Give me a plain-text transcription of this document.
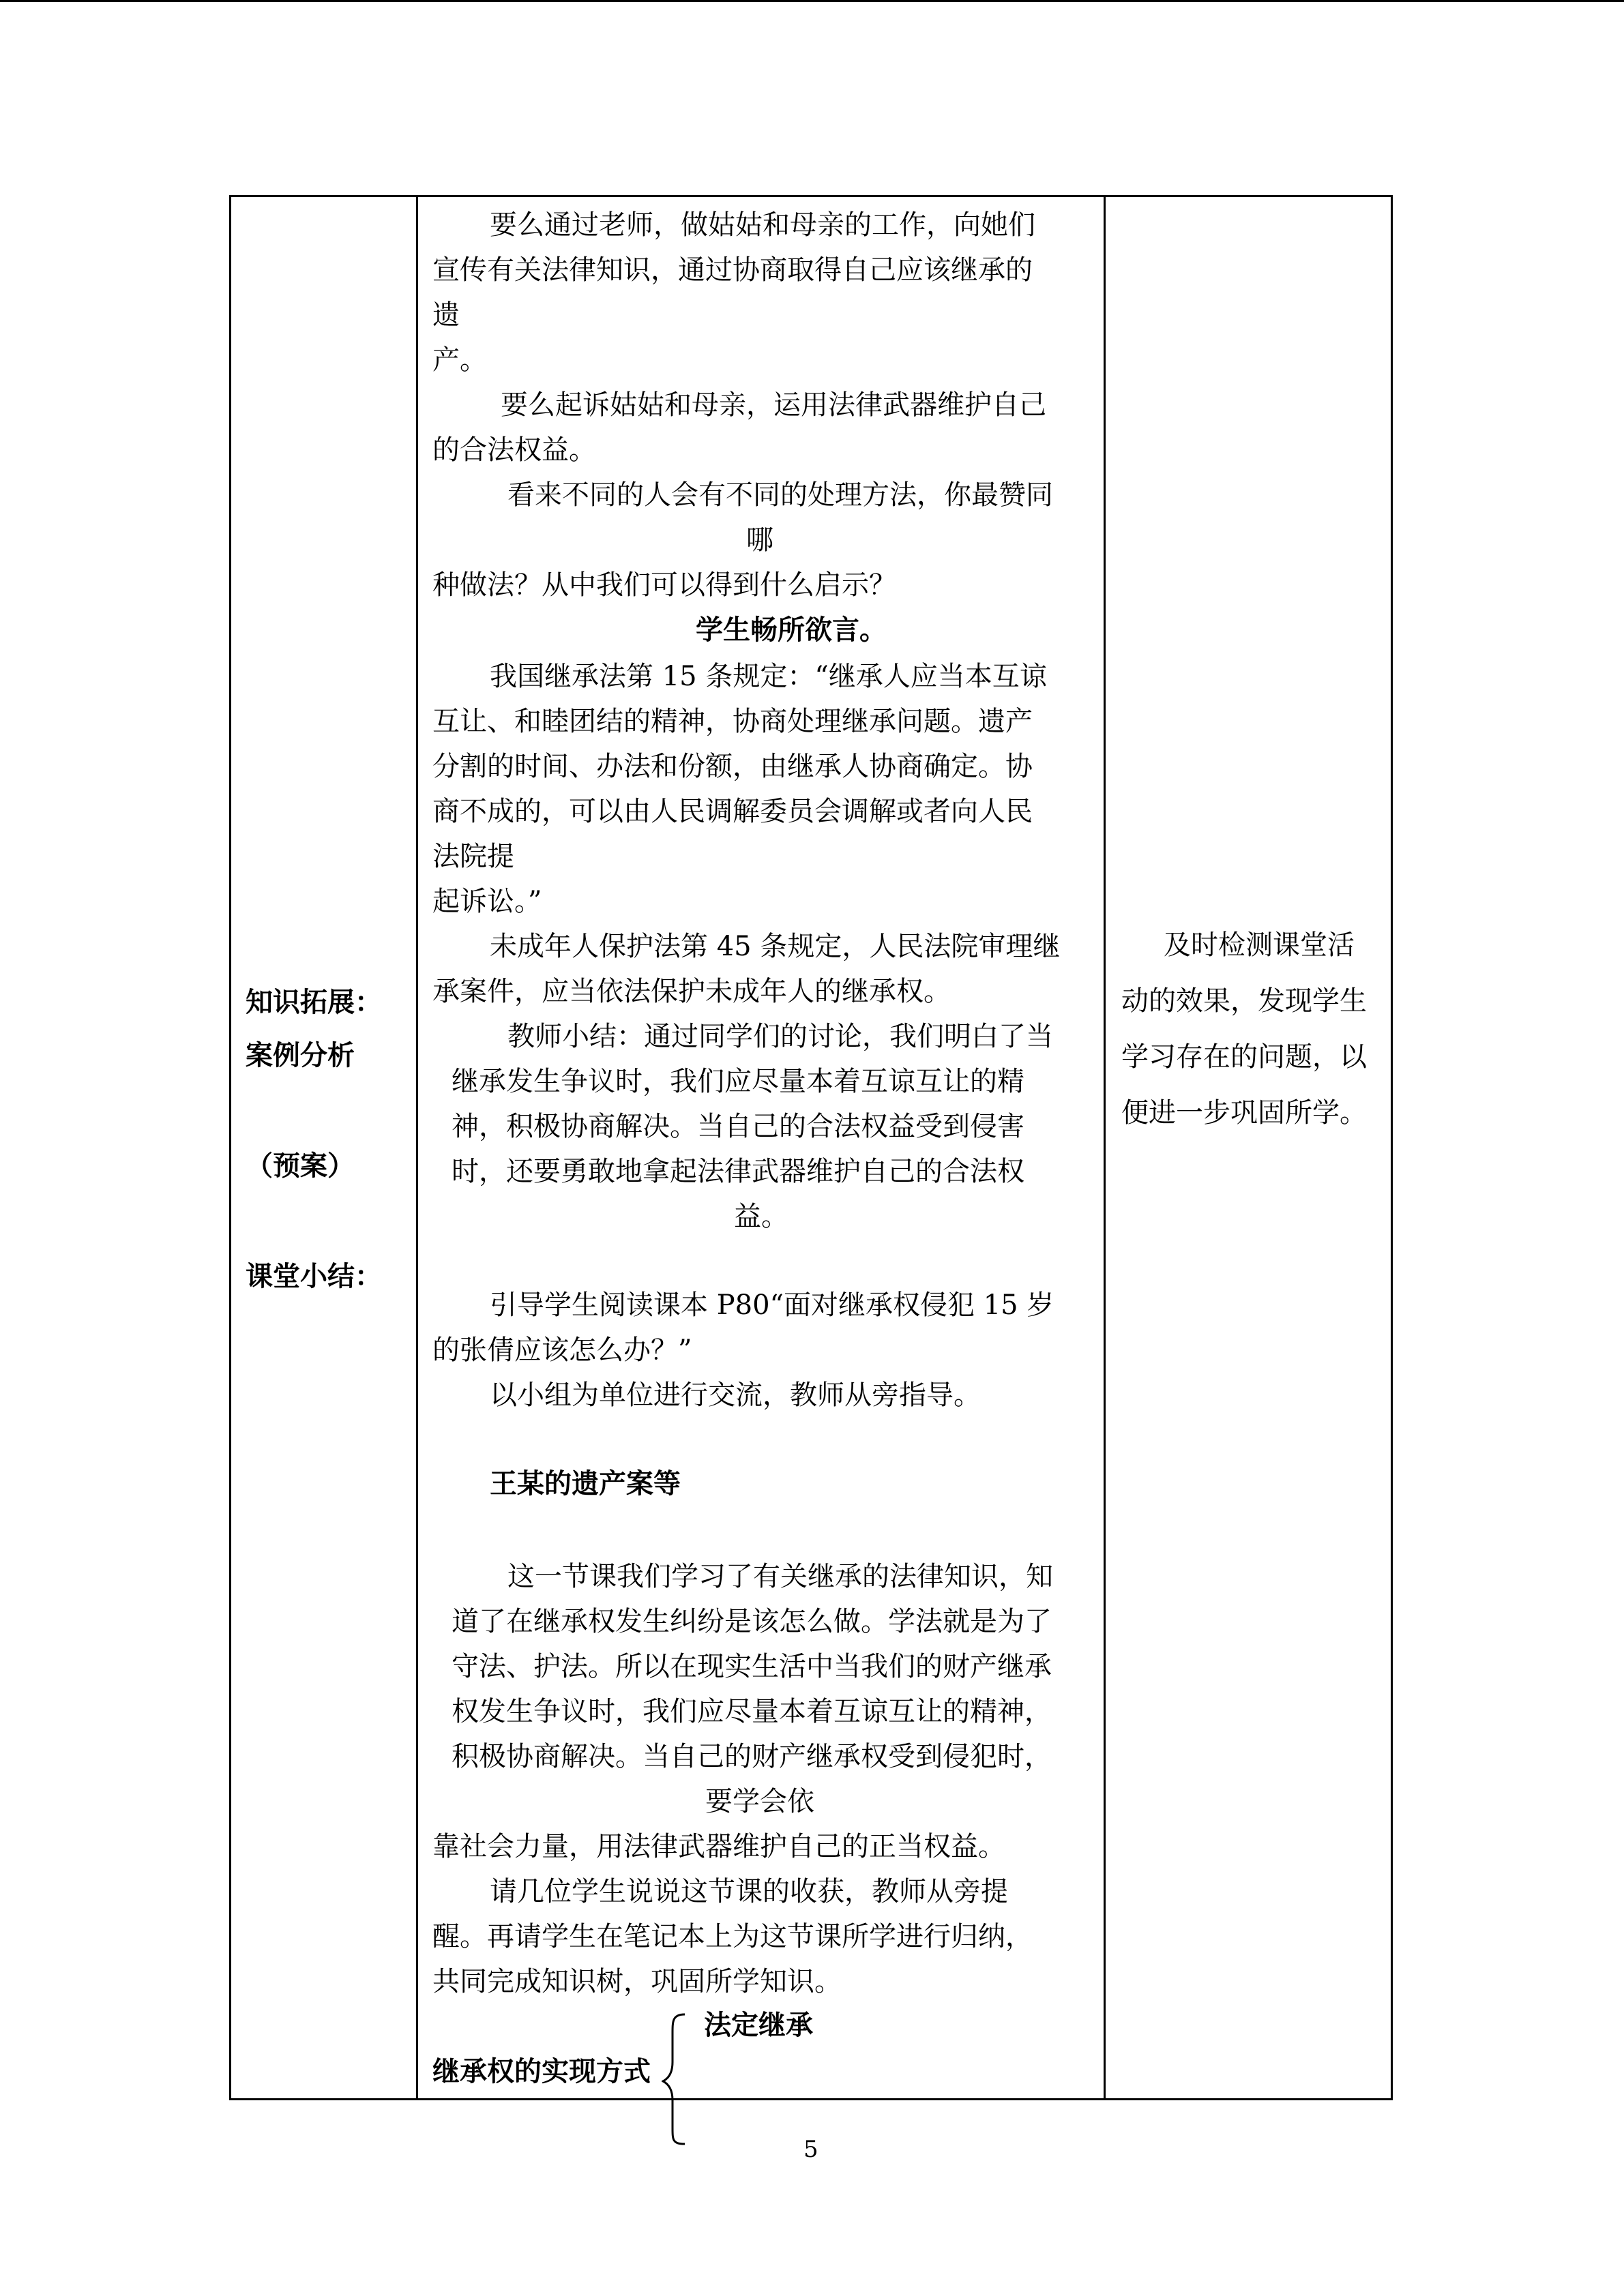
知识拓展：
案例分析
（预案）
课堂小结：
要么通过老师，做姑姑和母亲的工作，向她们
宣传有关法律知识，通过协商取得自己应该继承的
遗
产。
要么起诉姑姑和母亲，运用法律武器维护自己
的合法权益。
看来不同的人会有不同的处理方法，你最赞同
哪
种做法？从中我们可以得到什么启示？
学生畅所欲言。
我国继承法第 15 条规定：“继承人应当本互谅
互让、和睦团结的精神，协商处理继承问题。遗产
分割的时间、办法和份额，由继承人协商确定。协
商不成的，可以由人民调解委员会调解或者向人民
法院提
起诉讼。”
未成年人保护法第 45 条规定，人民法院审理继
承案件，应当依法保护未成年人的继承权。
教师小结：通过同学们的讨论，我们明白了当
继承发生争议时，我们应尽量本着互谅互让的精
神，积极协商解决。当自己的合法权益受到侵害
时，还要勇敢地拿起法律武器维护自己的合法权
益。
引导学生阅读课本 P80“面对继承权侵犯 15 岁
的张倩应该怎么办？”
以小组为单位进行交流，教师从旁指导。
王某的遗产案等
这一节课我们学习了有关继承的法律知识，知
道了在继承权发生纠纷是该怎么做。学法就是为了
守法、护法。所以在现实生活中当我们的财产继承
权发生争议时，我们应尽量本着互谅互让的精神，
积极协商解决。当自己的财产继承权受到侵犯时，
要学会依
靠社会力量，用法律武器维护自己的正当权益。
请几位学生说说这节课的收获，教师从旁提
醒。再请学生在笔记本上为这节课所学进行归纳，
共同完成知识树，巩固所学知识。
法定继承
继承权的实现方式
及时检测课堂活
动的效果，发现学生
学习存在的问题，以
便进一步巩固所学。
5
